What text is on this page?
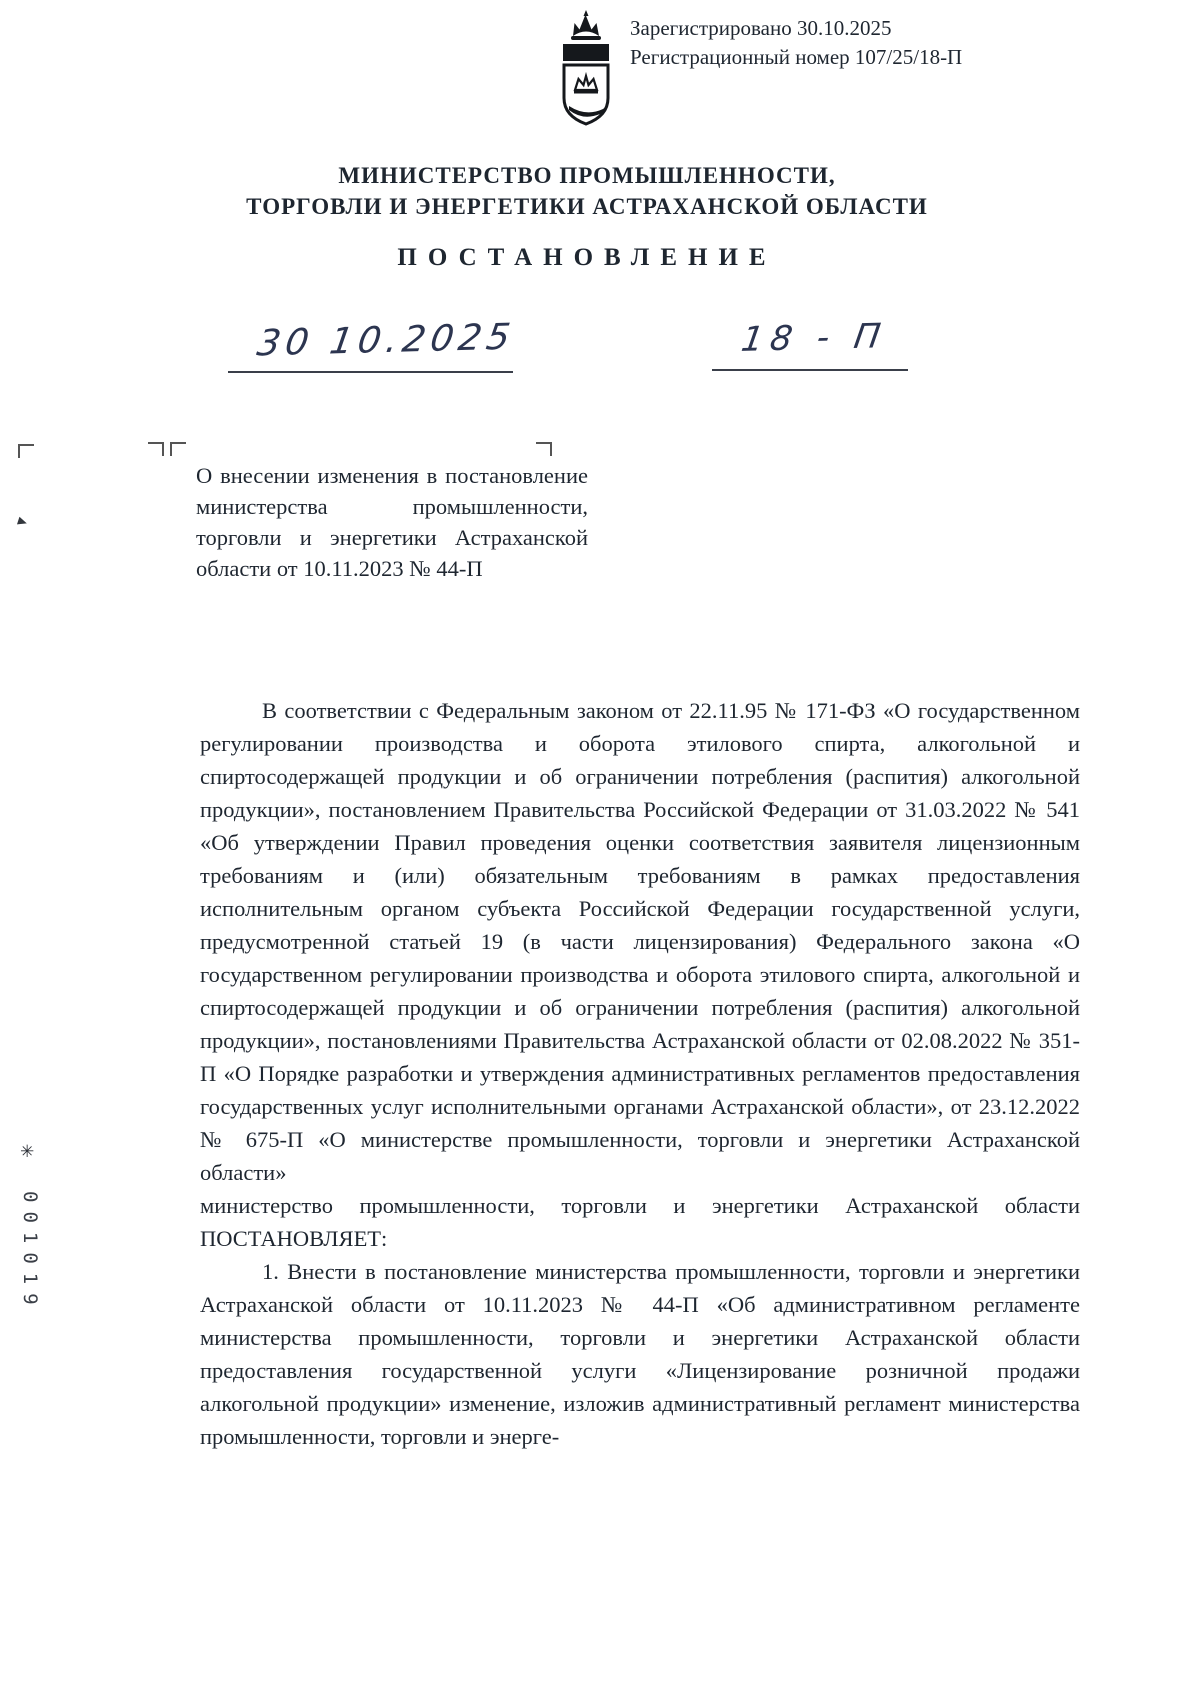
Зарегистрировано 30.10.2025
Регистрационный номер 107/25/18-П
МИНИСТЕРСТВО ПРОМЫШЛЕННОСТИ,
ТОРГОВЛИ И ЭНЕРГЕТИКИ АСТРАХАНСКОЙ ОБЛАСТИ
ПОСТАНОВЛЕНИЕ
30 10.2025	18 - П
О внесении изменения в постановление министерства промышленности, торговли и энергетики Астраханской области от 10.11.2023 № 44-П

В соответствии с Федеральным законом от 22.11.95 № 171-ФЗ «О государственном регулировании производства и оборота этилового спирта, алкогольной и спиртосодержащей продукции и об ограничении потребления (распития) алкогольной продукции», постановлением Правительства Российской Федерации от 31.03.2022 № 541 «Об утверждении Правил проведения оценки соответствия заявителя лицензионным требованиям и (или) обязательным требованиям в рамках предоставления исполнительным органом субъекта Российской Федерации государственной услуги, предусмотренной статьей 19 (в части лицензирования) Федерального закона «О государственном регулировании производства и оборота этилового спирта, алкогольной и спиртосодержащей продукции и об ограничении потребления (распития) алкогольной продукции», постановлениями Правительства Астраханской области от 02.08.2022 № 351-П «О Порядке разработки и утверждения административных регламентов предоставления государственных услуг исполнительными органами Астраханской области», от 23.12.2022 № 675-П «О министерстве промышленности, торговли и энергетики Астраханской области»

министерство промышленности, торговли и энергетики Астраханской области ПОСТАНОВЛЯЕТ:

1. Внести в постановление министерства промышленности, торговли и энергетики Астраханской области от 10.11.2023 № 44-П «Об административном регламенте министерства промышленности, торговли и энергетики Астраханской области предоставления государственной услуги «Лицензирование розничной продажи алкогольной продукции» изменение, изложив административный регламент министерства промышленности, торговли и энерге-

✳
001019
